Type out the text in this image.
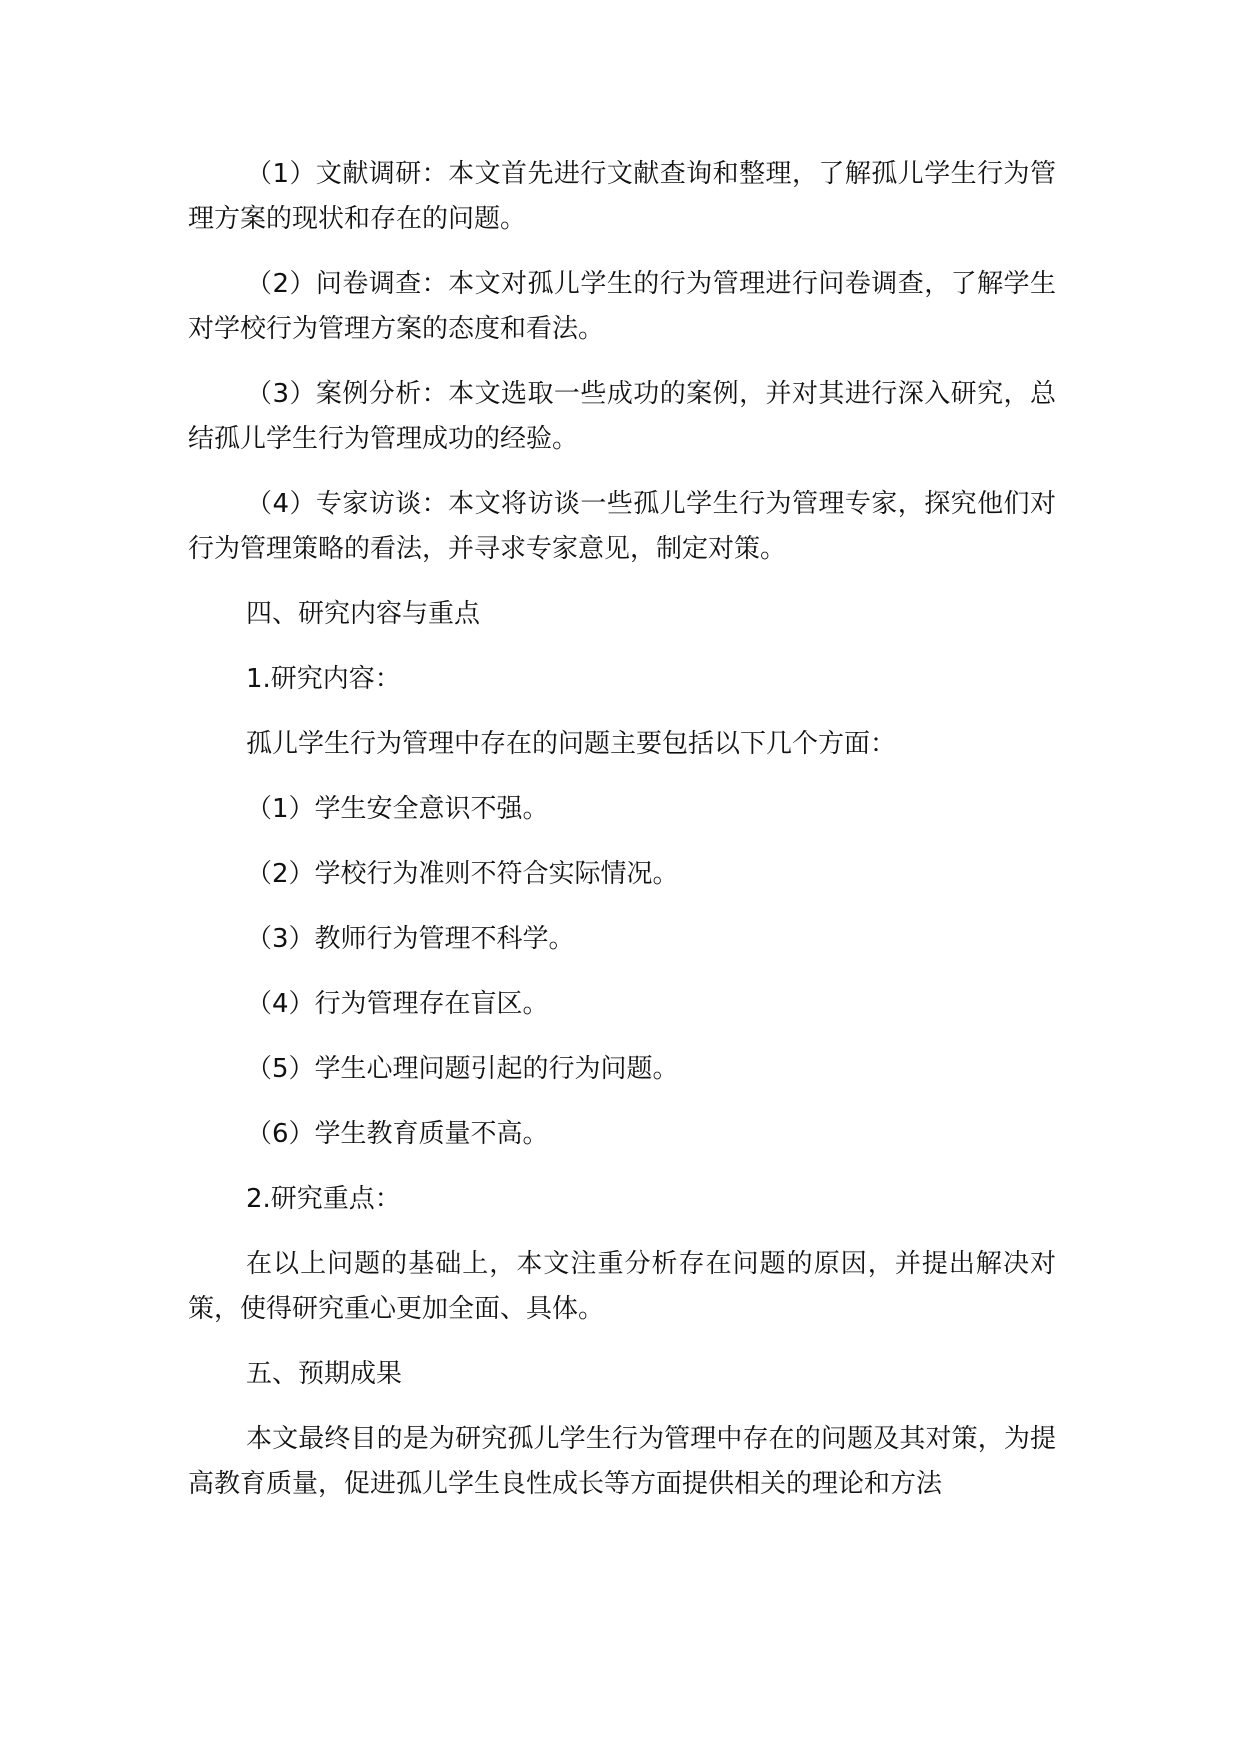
（1）文献调研：本文首先进行文献查询和整理，了解孤儿学生行为管理方案的现状和存在的问题。

（2）问卷调查：本文对孤儿学生的行为管理进行问卷调查，了解学生对学校行为管理方案的态度和看法。

（3）案例分析：本文选取一些成功的案例，并对其进行深入研究，总结孤儿学生行为管理成功的经验。

（4）专家访谈：本文将访谈一些孤儿学生行为管理专家，探究他们对行为管理策略的看法，并寻求专家意见，制定对策。

四、研究内容与重点

1.研究内容：

孤儿学生行为管理中存在的问题主要包括以下几个方面：

（1）学生安全意识不强。

（2）学校行为准则不符合实际情况。

（3）教师行为管理不科学。

（4）行为管理存在盲区。

（5）学生心理问题引起的行为问题。

（6）学生教育质量不高。

2.研究重点：

在以上问题的基础上，本文注重分析存在问题的原因，并提出解决对策，使得研究重心更加全面、具体。

五、预期成果

本文最终目的是为研究孤儿学生行为管理中存在的问题及其对策，为提高教育质量，促进孤儿学生良性成长等方面提供相关的理论和方法
